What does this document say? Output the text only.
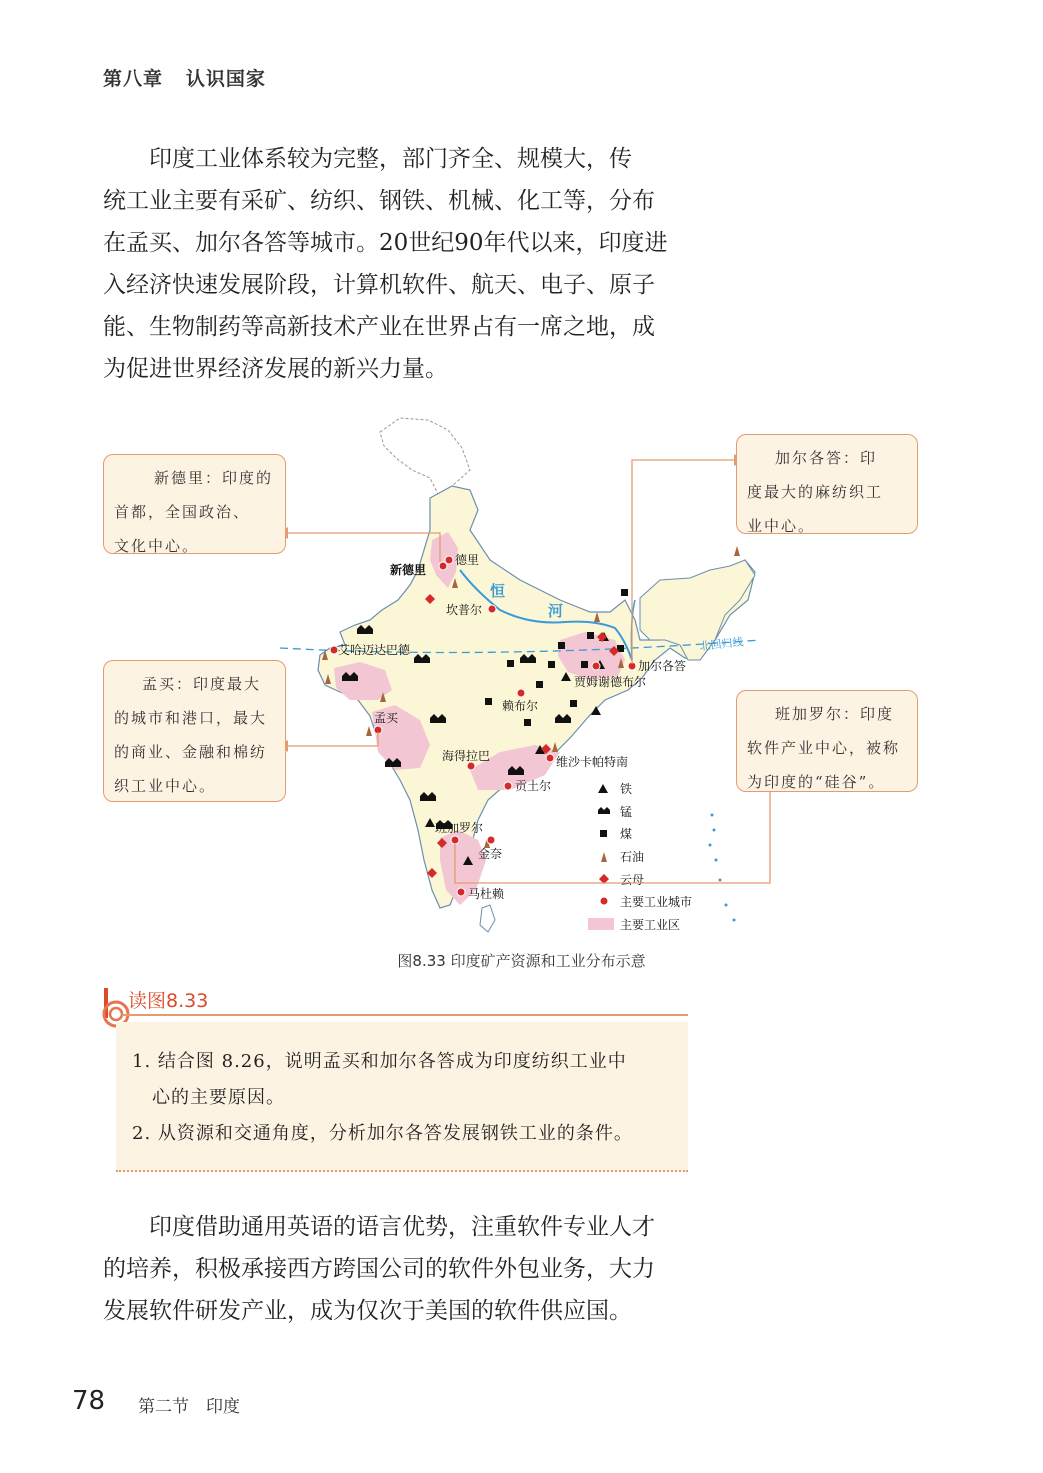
第八章 认识国家
印度工业体系较为完整，部门齐全、规模大，传
统工业主要有采矿、纺织、钢铁、机械、化工等，分布
在孟买、加尔各答等城市。20世纪90年代以来，印度进
入经济快速发展阶段，计算机软件、航天、电子、原子
能、生物制药等高新技术产业在世界占有一席之地，成
为促进世界经济发展的新兴力量。
北回归线
恒
河
新德里
德里
坎普尔
艾哈迈达巴德
加尔各答
贾姆谢德布尔
赖布尔
孟买
海得拉巴	维沙卡帕特南
贡土尔
班加罗尔
金奈
马杜赖
铁
锰
煤
石油
云母
主要工业城市
主要工业区
新德里：印度的
首都，全国政治、
文化中心。
加尔各答：印
度最大的麻纺织工
业中心。
孟买：印度最大
的城市和港口，最大
的商业、金融和棉纺
织工业中心。
班加罗尔：印度
软件产业中心，被称
为印度的“硅谷”。
图8.33 印度矿产资源和工业分布示意
读图8.33
1. 结合图 8.26，说明孟买和加尔各答成为印度纺织工业中
心的主要原因。
2. 从资源和交通角度，分析加尔各答发展钢铁工业的条件。
印度借助通用英语的语言优势，注重软件专业人才
的培养，积极承接西方跨国公司的软件外包业务，大力
发展软件研发产业，成为仅次于美国的软件供应国。
78 第二节　印度
